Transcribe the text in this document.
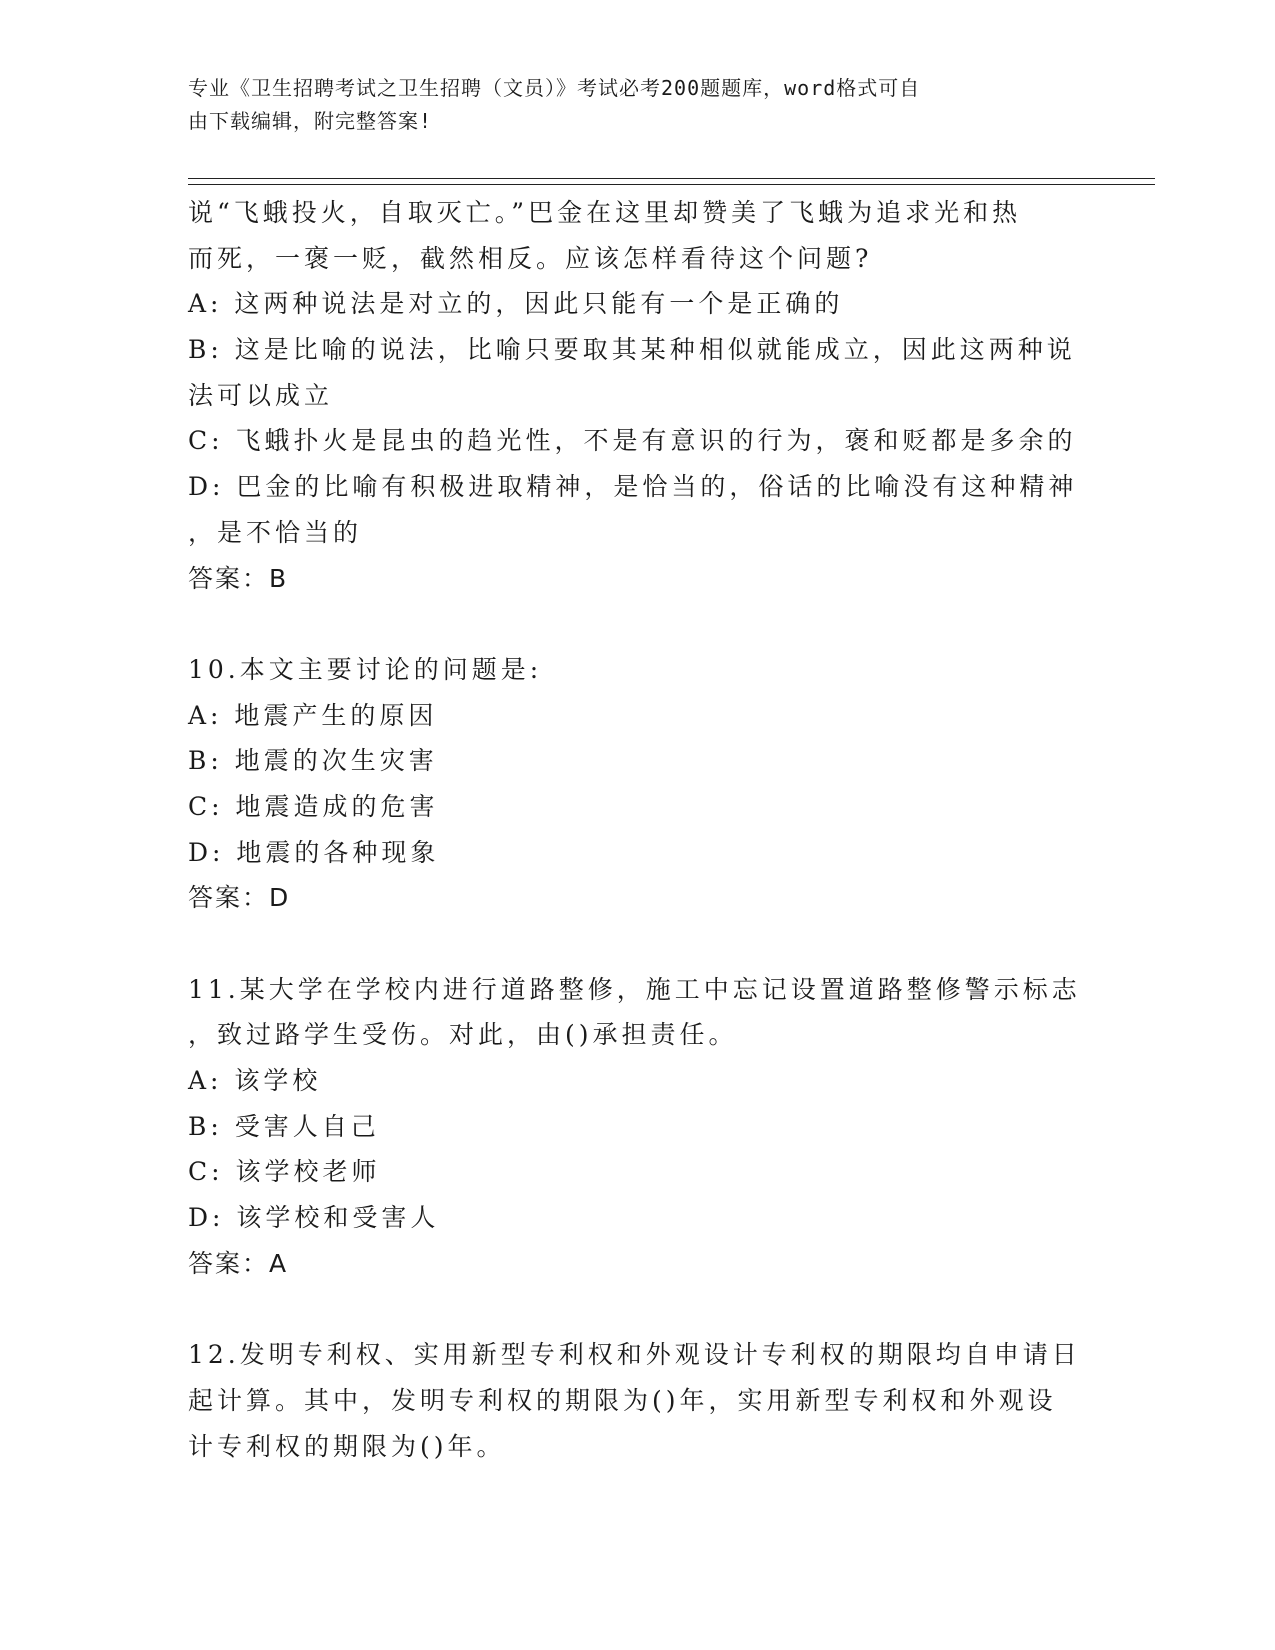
专业《卫生招聘考试之卫生招聘（文员）》考试必考200题题库，word格式可自
由下载编辑，附完整答案!
说“飞蛾投火，自取灭亡。”巴金在这里却赞美了飞蛾为追求光和热
而死，一褒一贬，截然相反。应该怎样看待这个问题?
A: 这两种说法是对立的，因此只能有一个是正确的
B: 这是比喻的说法，比喻只要取其某种相似就能成立，因此这两种说
法可以成立
C: 飞蛾扑火是昆虫的趋光性，不是有意识的行为，褒和贬都是多余的
D: 巴金的比喻有积极进取精神，是恰当的，俗话的比喻没有这种精神
，是不恰当的
答案：B
10.本文主要讨论的问题是:
A: 地震产生的原因
B: 地震的次生灾害
C: 地震造成的危害
D: 地震的各种现象
答案：D
11.某大学在学校内进行道路整修，施工中忘记设置道路整修警示标志
，致过路学生受伤。对此，由()承担责任。
A: 该学校
B: 受害人自己
C: 该学校老师
D: 该学校和受害人
答案：A
12.发明专利权、实用新型专利权和外观设计专利权的期限均自申请日
起计算。其中，发明专利权的期限为()年，实用新型专利权和外观设
计专利权的期限为()年。
